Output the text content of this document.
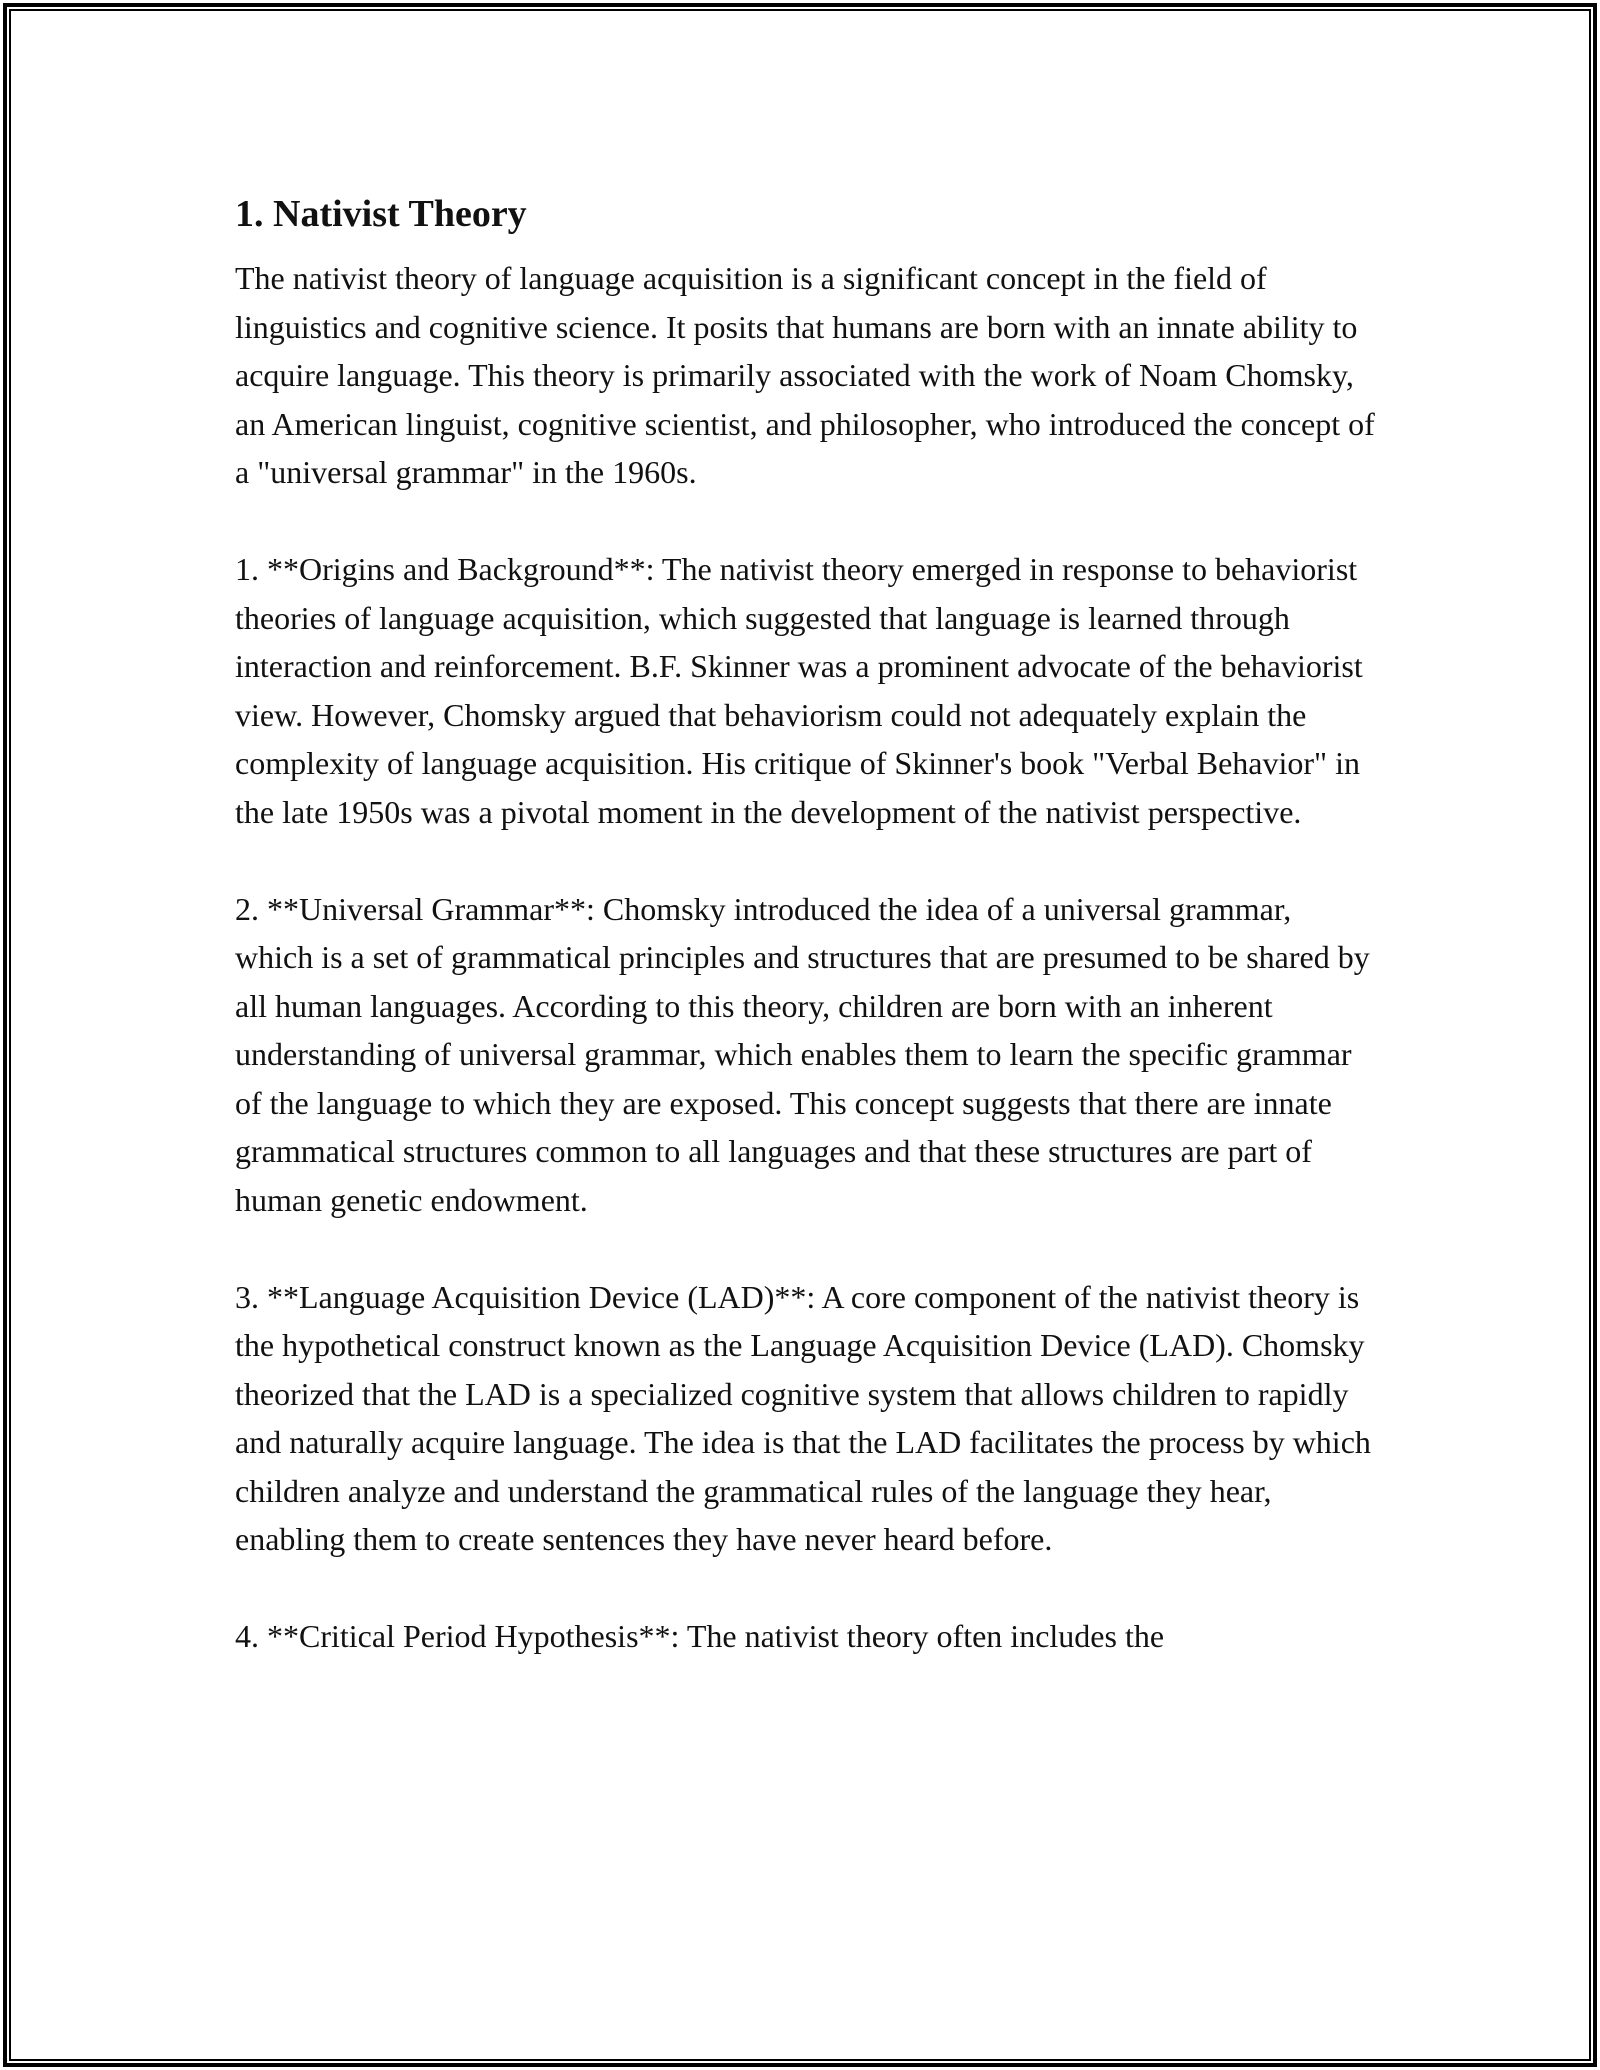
1. Nativist Theory

The nativist theory of language acquisition is a significant concept in the field of linguistics and cognitive science. It posits that humans are born with an innate ability to acquire language. This theory is primarily associated with the work of Noam Chomsky, an American linguist, cognitive scientist, and philosopher, who introduced the concept of a "universal grammar" in the 1960s.

1. **Origins and Background**: The nativist theory emerged in response to behaviorist theories of language acquisition, which suggested that language is learned through interaction and reinforcement. B.F. Skinner was a prominent advocate of the behaviorist view. However, Chomsky argued that behaviorism could not adequately explain the complexity of language acquisition. His critique of Skinner's book "Verbal Behavior" in the late 1950s was a pivotal moment in the development of the nativist perspective.

2. **Universal Grammar**: Chomsky introduced the idea of a universal grammar, which is a set of grammatical principles and structures that are presumed to be shared by all human languages. According to this theory, children are born with an inherent understanding of universal grammar, which enables them to learn the specific grammar of the language to which they are exposed. This concept suggests that there are innate grammatical structures common to all languages and that these structures are part of human genetic endowment.

3. **Language Acquisition Device (LAD)**: A core component of the nativist theory is the hypothetical construct known as the Language Acquisition Device (LAD). Chomsky theorized that the LAD is a specialized cognitive system that allows children to rapidly and naturally acquire language. The idea is that the LAD facilitates the process by which children analyze and understand the grammatical rules of the language they hear, enabling them to create sentences they have never heard before.

4. **Critical Period Hypothesis**: The nativist theory often includes the
